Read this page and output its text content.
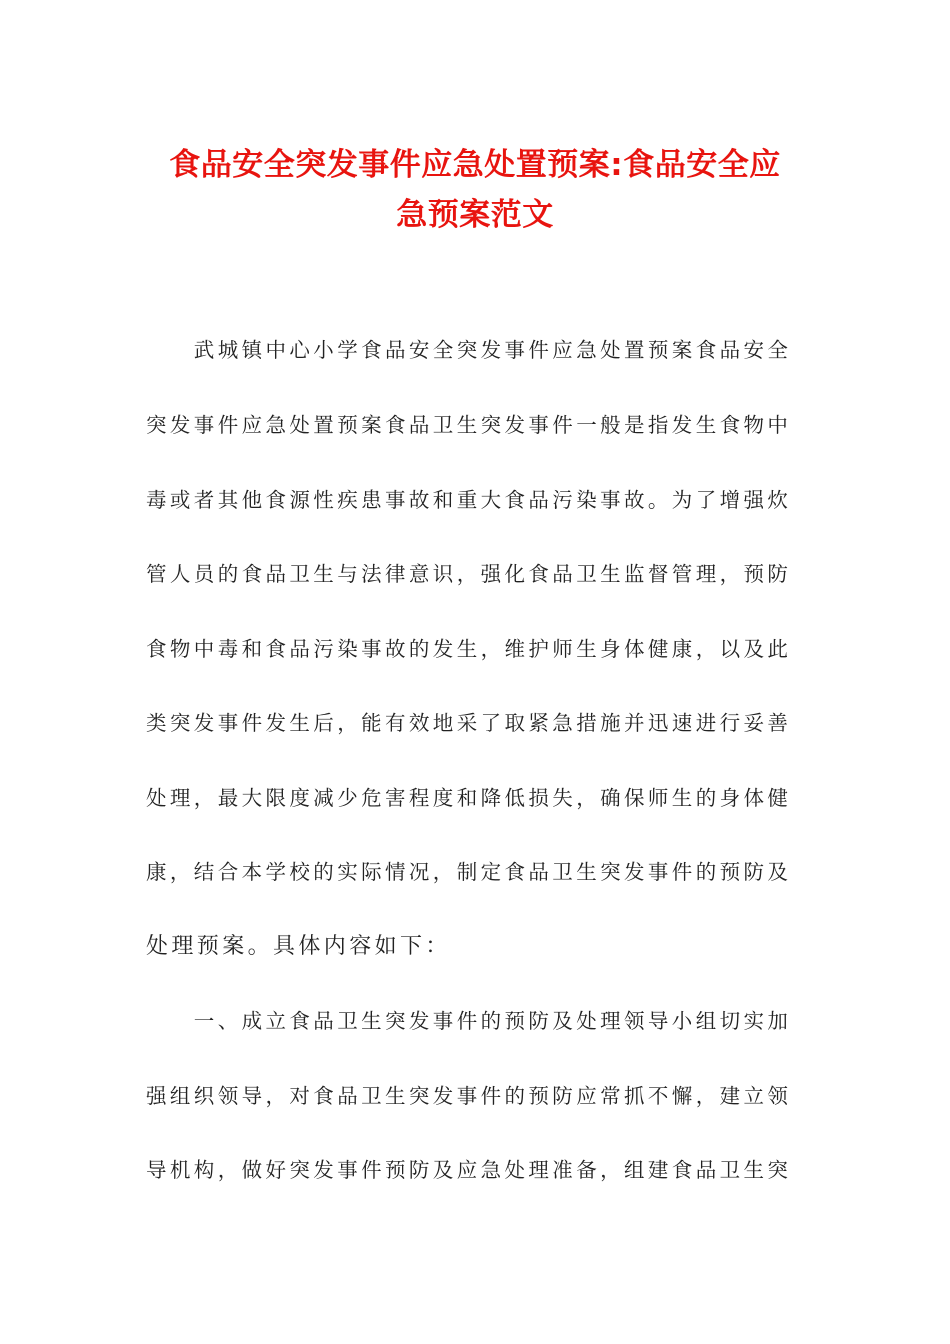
食品安全突发事件应急处置预案:食品安全应
急预案范文
　　武城镇中心小学食品安全突发事件应急处置预案食品安全
突发事件应急处置预案食品卫生突发事件一般是指发生食物中
毒或者其他食源性疾患事故和重大食品污染事故。为了增强炊
管人员的食品卫生与法律意识，强化食品卫生监督管理，预防
食物中毒和食品污染事故的发生，维护师生身体健康，以及此
类突发事件发生后，能有效地采了取紧急措施并迅速进行妥善
处理，最大限度减少危害程度和降低损失，确保师生的身体健
康，结合本学校的实际情况，制定食品卫生突发事件的预防及
处理预案。具体内容如下：
　　一、成立食品卫生突发事件的预防及处理领导小组切实加
强组织领导，对食品卫生突发事件的预防应常抓不懈，建立领
导机构，做好突发事件预防及应急处理准备，组建食品卫生突
